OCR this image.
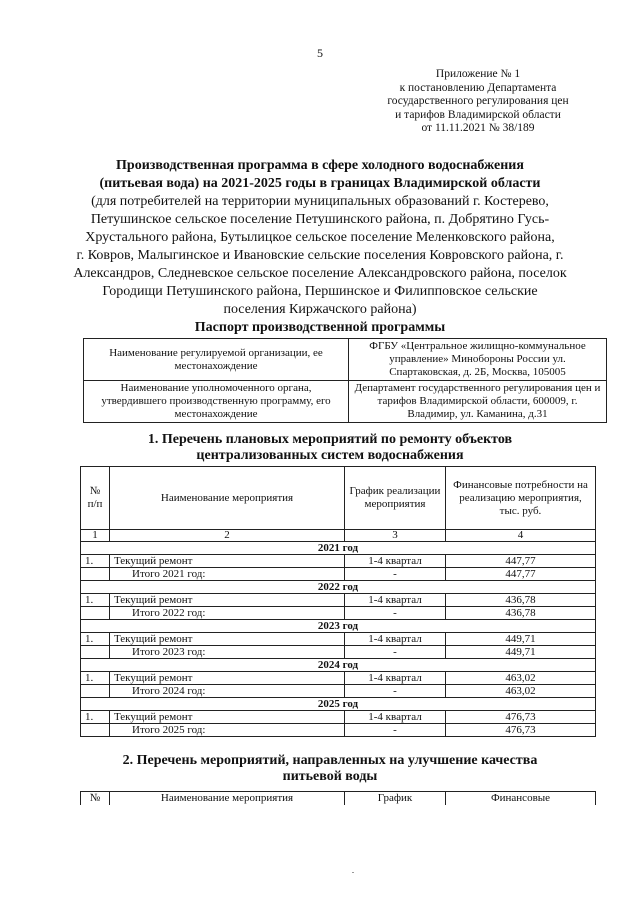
5
Приложение № 1
к постановлению Департамента
государственного регулирования цен
и тарифов Владимирской области
от 11.11.2021 № 38/189
Производственная программа в сфере холодного водоснабжения
(питьевая вода) на 2021-2025 годы в границах Владимирской области
(для потребителей на территории муниципальных образований г. Костерево,
Петушинское сельское поселение Петушинского района, п. Добрятино Гусь-
Хрустального района, Бутылицкое сельское поселение Меленковского района,
г. Ковров, Малыгинское и Ивановские сельские поселения Ковровского района, г.
Александров, Следневское сельское поселение Александровского района, поселок
Городищи Петушинского района, Першинское и Филипповское сельские
поселения Киржачского района)
Паспорт производственной программы
Наименование регулируемой организации, ее местонахождение	ФГБУ «Центральное жилищно-коммунальное управление» Минобороны России ул. Спартаковская, д. 2Б, Москва, 105005
Наименование уполномоченного органа, утвердившего производственную программу, его местонахождение	Департамент государственного регулирования цен и тарифов Владимирской области, 600009, г. Владимир, ул. Каманина, д.31
1. Перечень плановых мероприятий по ремонту объектов
централизованных систем водоснабжения
№ п/п	Наименование мероприятия	График реализации мероприятия	Финансовые потребности на реализацию мероприятия, тыс. руб.
1	2	3	4
2021 год			
1.	Текущий ремонт	1-4 квартал	447,77
	Итого 2021 год:	-	447,77
2022 год			
1.	Текущий ремонт	1-4 квартал	436,78
	Итого 2022 год:	-	436,78
2023 год			
1.	Текущий ремонт	1-4 квартал	449,71
	Итого 2023 год:	-	449,71
2024 год			
1.	Текущий ремонт	1-4 квартал	463,02
	Итого 2024 год:	-	463,02
2025 год			
1.	Текущий ремонт	1-4 квартал	476,73
	Итого 2025 год:	-	476,73
2. Перечень мероприятий, направленных на улучшение качества
питьевой воды
№	Наименование мероприятия	График	Финансовые
